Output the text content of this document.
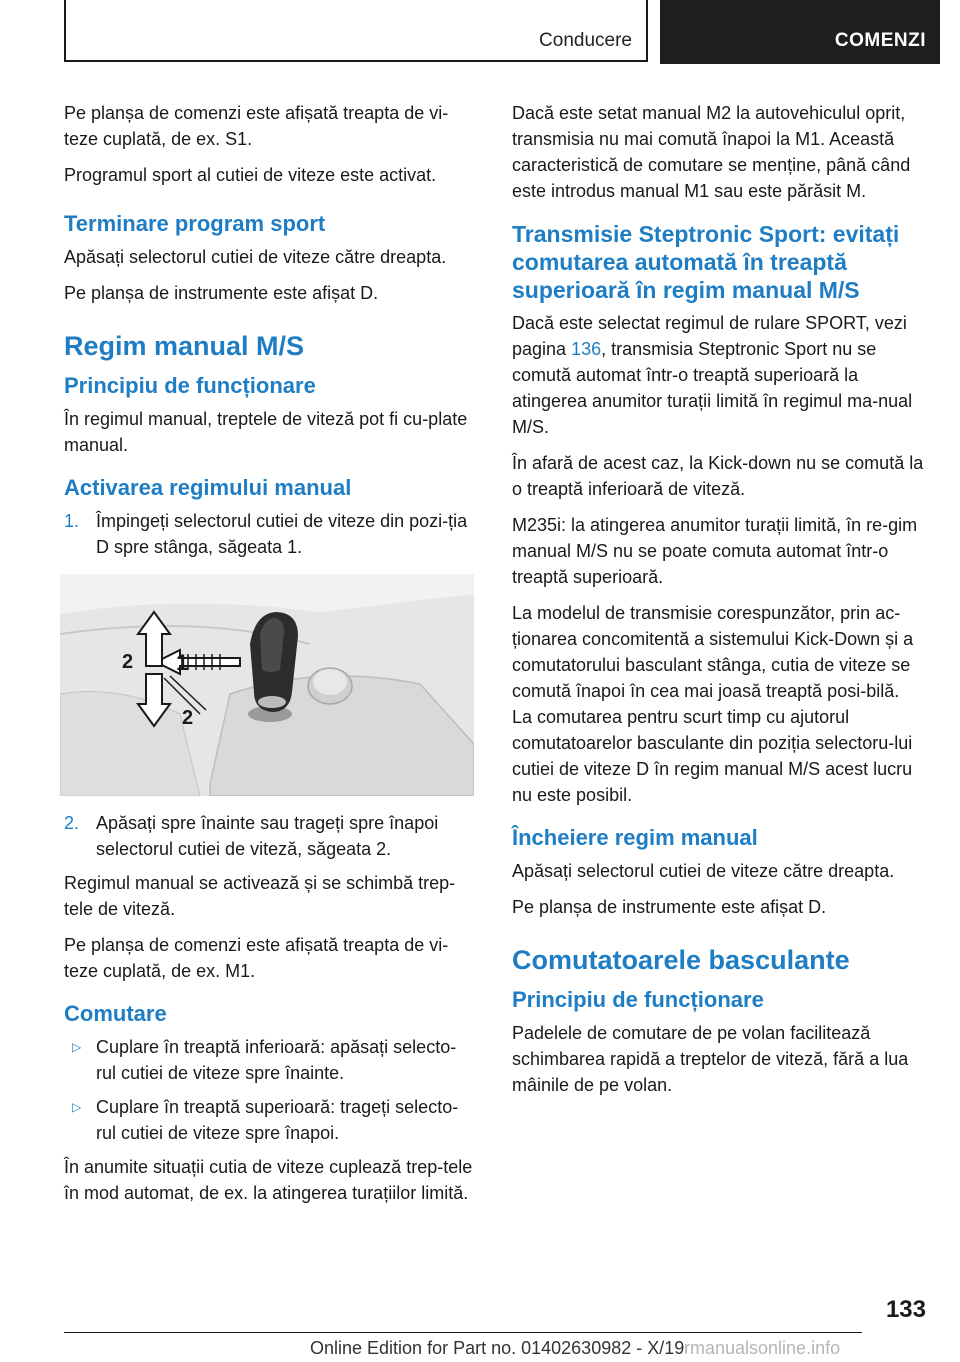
Conducere	COMENZI

Pe planșa de comenzi este afișată treapta de vi-teze cuplată, de ex. S1.

Programul sport al cutiei de viteze este activat.

Terminare program sport

Apăsați selectorul cutiei de viteze către dreapta.

Pe planșa de instrumente este afișat D.

Regim manual M/S
Principiu de funcționare

În regimul manual, treptele de viteză pot fi cu-plate manual.

Activarea regimului manual
1. Împingeți selectorul cutiei de viteze din pozi-ția D spre stânga, săgeata 1.
1
2
2
2. Apăsați spre înainte sau trageți spre înapoi selectorul cutiei de viteză, săgeata 2.

Regimul manual se activează și se schimbă trep-tele de viteză.

Pe planșa de comenzi este afișată treapta de vi-teze cuplată, de ex. M1.

Comutare
▷ Cuplare în treaptă inferioară: apăsați selecto-rul cutiei de viteze spre înainte.
▷ Cuplare în treaptă superioară: trageți selecto-rul cutiei de viteze spre înapoi.

În anumite situații cutia de viteze cuplează trep-tele în mod automat, de ex. la atingerea turațiilor limită.

Dacă este setat manual M2 la autovehiculul oprit, transmisia nu mai comută înapoi la M1. Această caracteristică de comutare se menține, până când este introdus manual M1 sau este părăsit M.

Transmisie Steptronic Sport: evitați comutarea automată în treaptă superioară în regim manual M/S

Dacă este selectat regimul de rulare SPORT, vezi pagina 136, transmisia Steptronic Sport nu se comută automat într-o treaptă superioară la atingerea anumitor turații limită în regimul ma-nual M/S.

În afară de acest caz, la Kick-down nu se comută la o treaptă inferioară de viteză.

M235i: la atingerea anumitor turații limită, în re-gim manual M/S nu se poate comuta automat într-o treaptă superioară.

La modelul de transmisie corespunzător, prin ac-ționarea concomitentă a sistemului Kick-Down și a comutatorului basculant stânga, cutia de viteze se comută înapoi în cea mai joasă treaptă posi-bilă. La comutarea pentru scurt timp cu ajutorul comutatoarelor basculante din poziția selectoru-lui cutiei de viteze D în regim manual M/S acest lucru nu este posibil.

Încheiere regim manual

Apăsați selectorul cutiei de viteze către dreapta.

Pe planșa de instrumente este afișat D.

Comutatoarele basculante
Principiu de funcționare

Padelele de comutare de pe volan facilitează schimbarea rapidă a treptelor de viteză, fără a lua mâinile de pe volan.

133
Online Edition for Part no. 01402630982 - X/19 rmanualsonline.info
